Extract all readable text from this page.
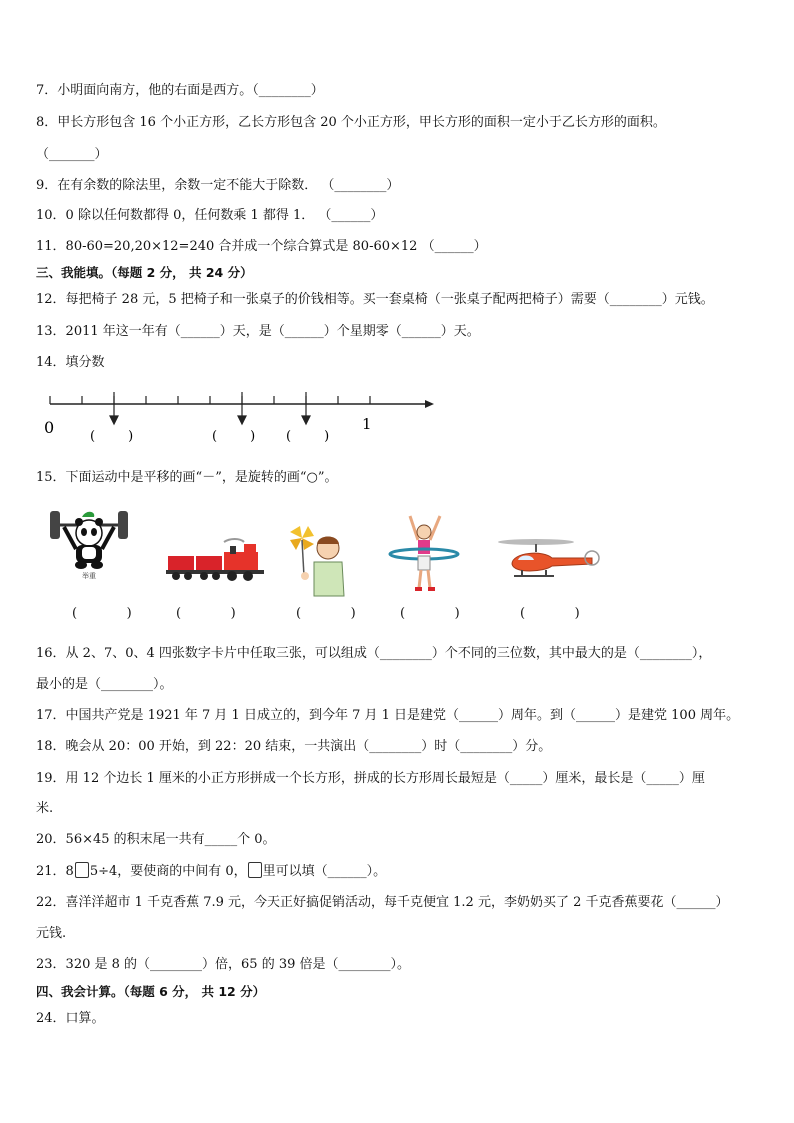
7．小明面向南方，他的右面是西方。（________）
8．甲长方形包含 16 个小正方形，乙长方形包含 20 个小正方形，甲长方形的面积一定小于乙长方形的面积。
（_______）
9．在有余数的除法里，余数一定不能大于除数． （________）
10．0 除以任何数都得 0，任何数乘 1 都得 1． （______）
11．80-60=20,20×12=240 合并成一个综合算式是 80-60×12 （______）
三、我能填。（每题 2 分， 共 24 分）
12．每把椅子 28 元，5 把椅子和一张桌子的价钱相等。买一套桌椅（一张桌子配两把椅子）需要（________）元钱。
13．2011 年这一年有（______）天，是（______）个星期零（______）天。
14．填分数
0	1
(        )	(        ) (        )
15．下面运动中是平移的画“－”，是旋转的画“○”。
举重
(            )	(            )	(            )	(            )	(            )
16．从 2、7、0、4 四张数字卡片中任取三张，可以组成（________）个不同的三位数，其中最大的是（________），
最小的是（________）。
17．中国共产党是 1921 年 7 月 1 日成立的，到今年 7 月 1 日是建党（______）周年。到（______）是建党 100 周年。
18．晚会从 20：00 开始，到 22：20 结束，一共演出（________）时（________）分。
19．用 12 个边长 1 厘米的小正方形拼成一个长方形，拼成的长方形周长最短是（_____）厘米，最长是（_____）厘
米.
20．56×45 的积末尾一共有_____个 0。
21．8 5÷4，要使商的中间有 0， 里可以填（______）。
22．喜洋洋超市 1 千克香蕉 7.9 元，今天正好搞促销活动，每千克便宜 1.2 元，李奶奶买了 2 千克香蕉要花（______）
元钱.
23．320 是 8 的（________）倍，65 的 39 倍是（________）。
四、我会计算。（每题 6 分， 共 12 分）
24．口算。
